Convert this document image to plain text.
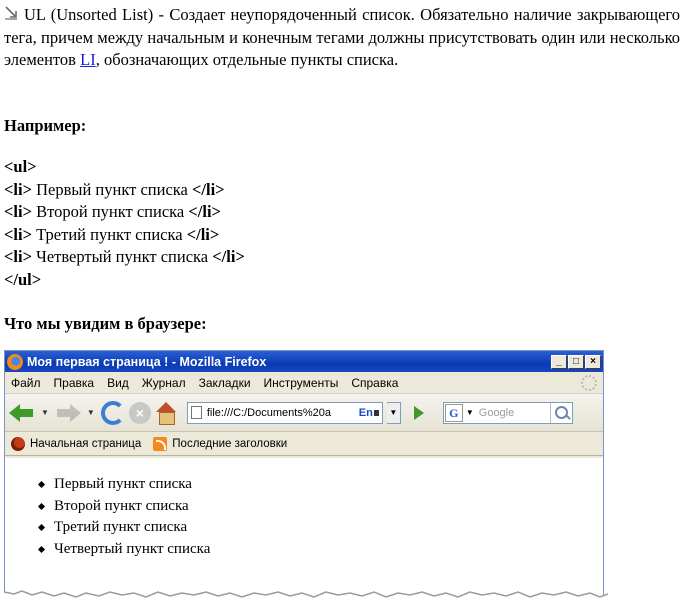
UL (Unsorted List) - Создает неупорядоченный список. Обязательно наличие закрывающего тега, причем между начальным и конечным тегами должны присутствовать один или несколько элементов LI, обозначающих отдельные пункты списка.

Например:

<ul>
<li> Первый пункт списка </li>
<li> Второй пункт списка </li>
<li> Третий пункт списка </li>
<li> Четвертый пункт списка </li>
</ul>

Что мы увидим в браузере:

Моя первая страница ! - Mozilla Firefox	_	□	×
Файл Правка Вид Журнал Закладки Инструменты Справка
▼	▼	×	file:///C:/Documents%20a	En	▼	G ▼ Google
Начальная страница	Последние заголовки
Первый пункт списка
Второй пункт списка
Третий пункт списка
Четвертый пункт списка
